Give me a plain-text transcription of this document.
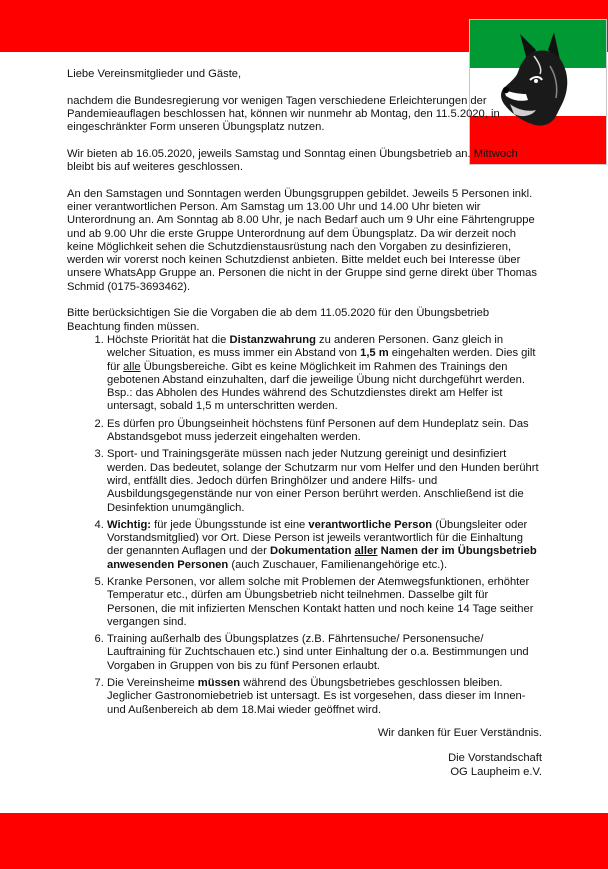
Liebe Vereinsmitglieder und Gäste,

nachdem die Bundesregierung vor wenigen Tagen verschiedene Erleichterungen der Pandemieauflagen beschlossen hat, können wir nunmehr ab Montag, den 11.5.2020, in eingeschränkter Form unseren Übungsplatz nutzen.

Wir bieten ab 16.05.2020, jeweils Samstag und Sonntag einen Übungsbetrieb an. Mittwoch bleibt bis auf weiteres geschlossen.

An den Samstagen und Sonntagen werden Übungsgruppen gebildet. Jeweils 5 Personen inkl. einer verantwortlichen Person. Am Samstag um 13.00 Uhr und 14.00 Uhr bieten wir Unterordnung an. Am Sonntag ab 8.00 Uhr, je nach Bedarf auch um 9 Uhr eine Fährtengruppe und ab 9.00 Uhr die erste Gruppe Unterordnung auf dem Übungsplatz. Da wir derzeit noch keine Möglichkeit sehen die Schutzdienstausrüstung nach den Vorgaben zu desinfizieren, werden wir vorerst noch keinen Schutzdienst anbieten. Bitte meldet euch bei Interesse über unsere WhatsApp Gruppe an. Personen die nicht in der Gruppe sind gerne direkt über Thomas Schmid (0175-3693462).

Bitte berücksichtigen Sie die Vorgaben die ab dem 11.05.2020 für den Übungsbetrieb Beachtung finden müssen.

1. Höchste Priorität hat die Distanzwahrung zu anderen Personen. Ganz gleich in welcher Situation, es muss immer ein Abstand von 1,5 m eingehalten werden. Dies gilt für alle Übungsbereiche. Gibt es keine Möglichkeit im Rahmen des Trainings den gebotenen Abstand einzuhalten, darf die jeweilige Übung nicht durchgeführt werden. Bsp.: das Abholen des Hundes während des Schutzdienstes direkt am Helfer ist untersagt, sobald 1,5 m unterschritten werden.
2. Es dürfen pro Übungseinheit höchstens fünf Personen auf dem Hundeplatz sein. Das Abstandsgebot muss jederzeit eingehalten werden.
3. Sport- und Trainingsgeräte müssen nach jeder Nutzung gereinigt und desinfiziert werden. Das bedeutet, solange der Schutzarm nur vom Helfer und den Hunden berührt wird, entfällt dies. Jedoch dürfen Bringhölzer und andere Hilfs- und Ausbildungsgegenstände nur von einer Person berührt werden. Anschließend ist die Desinfektion unumgänglich.
4. Wichtig: für jede Übungsstunde ist eine verantwortliche Person (Übungsleiter oder Vorstandsmitglied) vor Ort. Diese Person ist jeweils verantwortlich für die Einhaltung der genannten Auflagen und der Dokumentation aller Namen der im Übungsbetrieb anwesenden Personen (auch Zuschauer, Familienangehörige etc.).
5. Kranke Personen, vor allem solche mit Problemen der Atemwegsfunktionen, erhöhter Temperatur etc., dürfen am Übungsbetrieb nicht teilnehmen. Dasselbe gilt für Personen, die mit infizierten Menschen Kontakt hatten und noch keine 14 Tage seither vergangen sind.
6. Training außerhalb des Übungsplatzes (z.B. Fährtensuche/ Personensuche/ Lauftraining für Zuchtschauen etc.) sind unter Einhaltung der o.a. Bestimmungen und Vorgaben in Gruppen von bis zu fünf Personen erlaubt.
7. Die Vereinsheime müssen während des Übungsbetriebes geschlossen bleiben. Jeglicher Gastronomiebetrieb ist untersagt. Es ist vorgesehen, dass dieser im Innen- und Außenbereich ab dem 18.Mai wieder geöffnet wird.

Wir danken für Euer Verständnis.

Die Vorstandschaft

OG Laupheim e.V.
